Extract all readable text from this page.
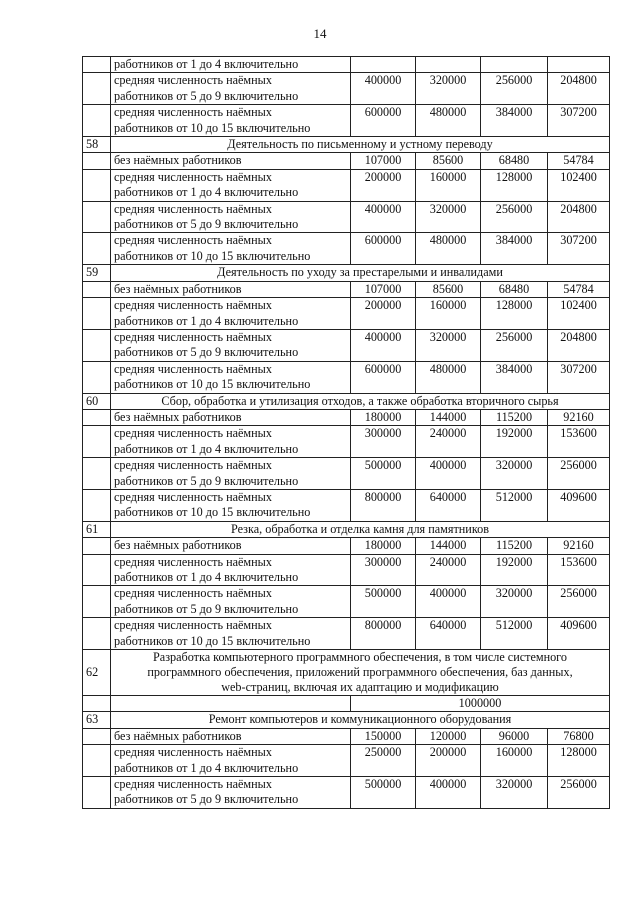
14

	работников от 1 до 4 включительно				

	средняя численность наёмных
работников от 5 до 9 включительно	400000	320000	256000	204800

	средняя численность наёмных
работников от 10 до 15 включительно	600000	480000	384000	307200
58	Деятельность по письменному и устному переводу				

	без наёмных работников	107000	85600	68480	54784

	средняя численность наёмных
работников от 1 до 4 включительно	200000	160000	128000	102400

	средняя численность наёмных
работников от 5 до 9 включительно	400000	320000	256000	204800

	средняя численность наёмных
работников от 10 до 15 включительно	600000	480000	384000	307200
59	Деятельность по уходу за престарелыми и инвалидами				

	без наёмных работников	107000	85600	68480	54784

	средняя численность наёмных
работников от 1 до 4 включительно	200000	160000	128000	102400

	средняя численность наёмных
работников от 5 до 9 включительно	400000	320000	256000	204800

	средняя численность наёмных
работников от 10 до 15 включительно	600000	480000	384000	307200
60	Сбор, обработка и утилизация отходов, а также обработка вторичного сырья				

	без наёмных работников	180000	144000	115200	92160

	средняя численность наёмных
работников от 1 до 4 включительно	300000	240000	192000	153600

	средняя численность наёмных
работников от 5 до 9 включительно	500000	400000	320000	256000

	средняя численность наёмных
работников от 10 до 15 включительно	800000	640000	512000	409600
61	Резка, обработка и отделка камня для памятников				

	без наёмных работников	180000	144000	115200	92160

	средняя численность наёмных
работников от 1 до 4 включительно	300000	240000	192000	153600

	средняя численность наёмных
работников от 5 до 9 включительно	500000	400000	320000	256000

	средняя численность наёмных
работников от 10 до 15 включительно	800000	640000	512000	409600
62	Разработка компьютерного программного обеспечения, в том числе системного
программного обеспечения, приложений программного обеспечения, баз данных,
web-страниц, включая их адаптацию и модификацию				

		1000000			
63	Ремонт компьютеров и коммуникационного оборудования				

	без наёмных работников	150000	120000	96000	76800

	средняя численность наёмных
работников от 1 до 4 включительно	250000	200000	160000	128000

	средняя численность наёмных
работников от 5 до 9 включительно	500000	400000	320000	256000
